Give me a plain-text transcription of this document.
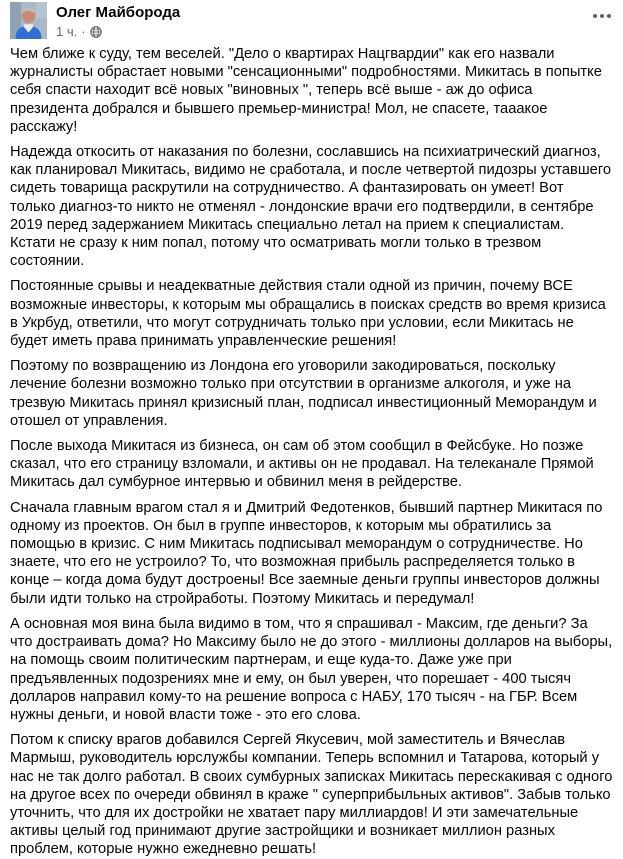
Олег Майборода
1 ч. ·

Чем ближе к суду, тем веселей. "Дело о квартирах Нацгвардии" как его назвали журналисты обрастает новыми "сенсационными" подробностями. Микитась в попытке себя спасти находит всё новых "виновных ", теперь всё выше - аж до офиса президента добрался и бывшего премьер-министра! Мол, не спасете, тааакое расскажу!

Надежда откосить от наказания по болезни, сославшись на психиатрический диагноз, как планировал Микитась, видимо не сработала, и после четвертой пидозры уставшего сидеть товарища раскрутили на сотрудничество. А фантазировать он умеет! Вот только диагноз-то никто не отменял - лондонские врачи его подтвердили, в сентябре 2019 перед задержанием Микитась специально летал на прием к специалистам. Кстати не сразу к ним попал, потому что осматривать могли только в трезвом состоянии.

Постоянные срывы и неадекватные действия стали одной из причин, почему ВСЕ возможные инвесторы, к которым мы обращались в поисках средств во время кризиса в Укрбуд, ответили, что могут сотрудничать только при условии, если Микитась не будет иметь права принимать управленческие решения!

Поэтому по возвращению из Лондона его уговорили закодироваться, поскольку лечение болезни возможно только при отсутствии в организме алкоголя, и уже на трезвую Микитась принял кризисный план, подписал инвестиционный Меморандум и отошел от управления.

После выхода Микитася из бизнеса, он сам об этом сообщил в Фейсбуке. Но позже сказал, что его страницу взломали, и активы он не продавал. На телеканале Прямой Микитась дал сумбурное интервью и обвинил меня в рейдерстве.

Сначала главным врагом стал я и Дмитрий Федотенков, бывший партнер Микитася по одному из проектов. Он был в группе инвесторов, к которым мы обратились за помощью в кризис. С ним Микитась подписывал меморандум о сотрудничестве. Но знаете, что его не устроило? То, что возможная прибыль распределяется только в конце – когда дома будут достроены! Все заемные деньги группы инвесторов должны были идти только на стройработы. Поэтому Микитась и передумал!

А основная моя вина была видимо в том, что я спрашивал - Максим, где деньги? За что достраивать дома? Но Максиму было не до этого - миллионы долларов на выборы, на помощь своим политическим партнерам, и еще куда-то. Даже уже при предъявленных подозрениях мне и ему, он был уверен, что порешает - 400 тысяч долларов направил кому-то на решение вопроса с НАБУ, 170 тысяч - на ГБР. Всем нужны деньги, и новой власти тоже - это его слова.

Потом к списку врагов добавился Сергей Якусевич, мой заместитель и Вячеслав Мармыш, руководитель юрслужбы компании. Теперь вспомнил и Татарова, который у нас не так долго работал. В своих сумбурных записках Микитась перескакивая с одного на другое всех по очереди обвинял в краже " суперприбыльных активов". Забыв только уточнить, что для их достройки не хватает пару миллиардов! И эти замечательные активы целый год принимают другие застройщики и возникает миллион разных проблем, которые нужно ежедневно решать!
